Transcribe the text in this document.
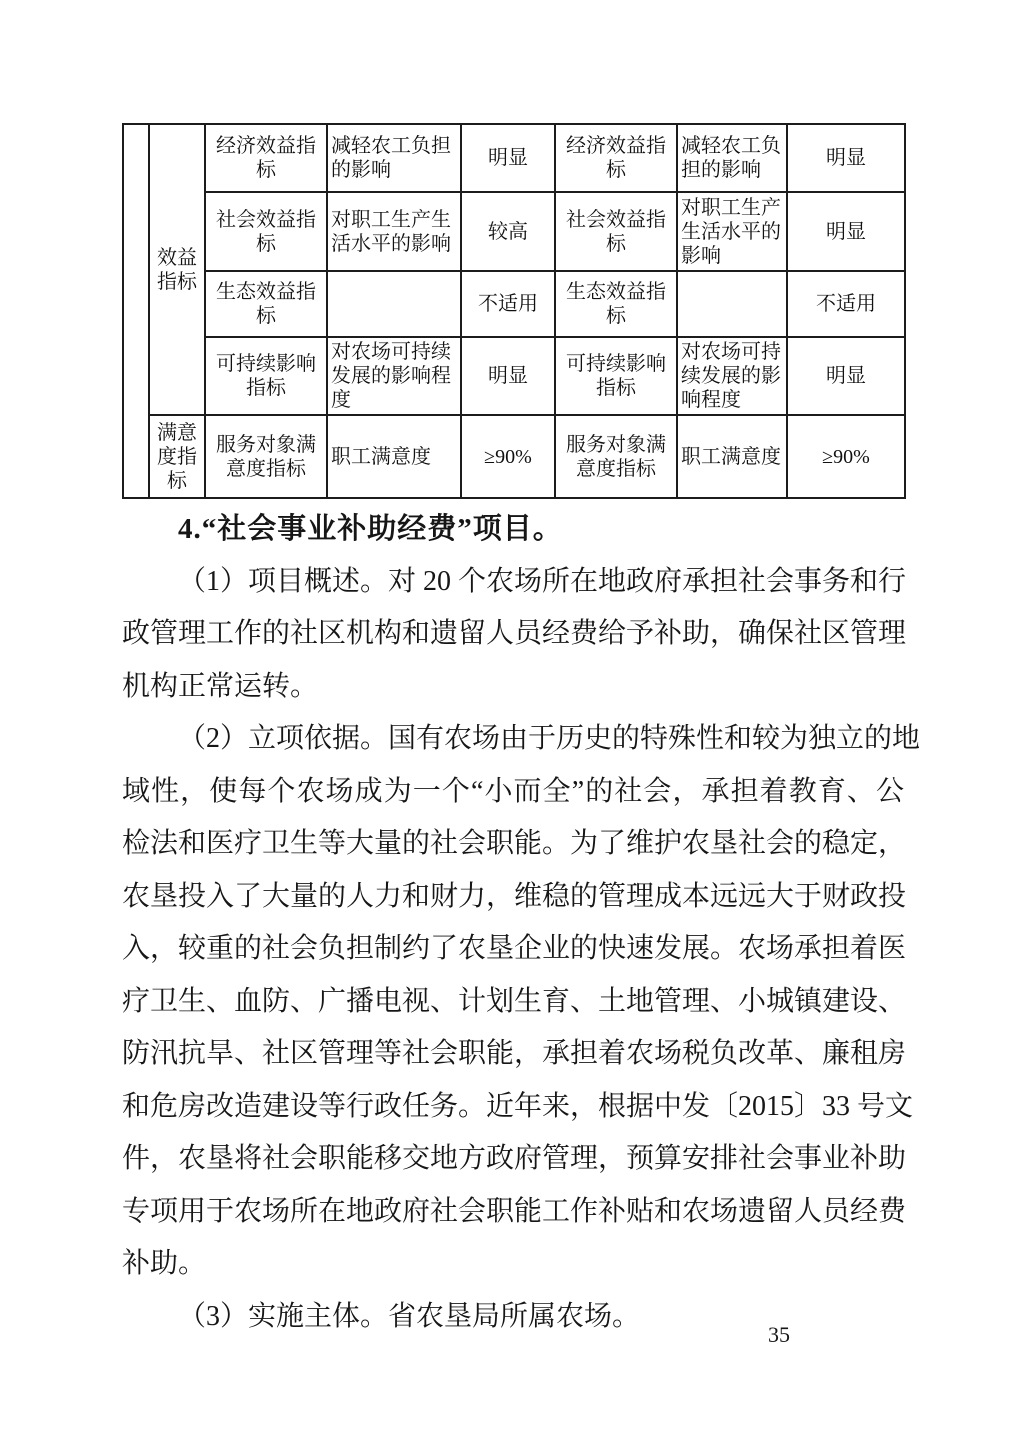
	效益指标	经济效益指标	减轻农工负担的影响	明显	经济效益指标	减轻农工负担的影响	明显
		社会效益指标	对职工生产生活水平的影响	较高	社会效益指标	对职工生产生活水平的影响	明显
		生态效益指标		不适用	生态效益指标		不适用
		可持续影响指标	对农场可持续发展的影响程度	明显	可持续影响指标	对农场可持续发展的影响程度	明显
	满意度指标	服务对象满意度指标	职工满意度	≥90%	服务对象满意度指标	职工满意度	≥90%
4.“社会事业补助经费”项目。
（1）项目概述。对 20 个农场所在地政府承担社会事务和行
政管理工作的社区机构和遗留人员经费给予补助，确保社区管理
机构正常运转。
（2）立项依据。国有农场由于历史的特殊性和较为独立的地
域性，使每个农场成为一个“小而全”的社会，承担着教育、公
检法和医疗卫生等大量的社会职能。为了维护农垦社会的稳定，
农垦投入了大量的人力和财力，维稳的管理成本远远大于财政投
入，较重的社会负担制约了农垦企业的快速发展。农场承担着医
疗卫生、血防、广播电视、计划生育、土地管理、小城镇建设、
防汛抗旱、社区管理等社会职能，承担着农场税负改革、廉租房
和危房改造建设等行政任务。近年来，根据中发〔2015〕33 号文
件，农垦将社会职能移交地方政府管理，预算安排社会事业补助
专项用于农场所在地政府社会职能工作补贴和农场遗留人员经费
补助。
（3）实施主体。省农垦局所属农场。
35
